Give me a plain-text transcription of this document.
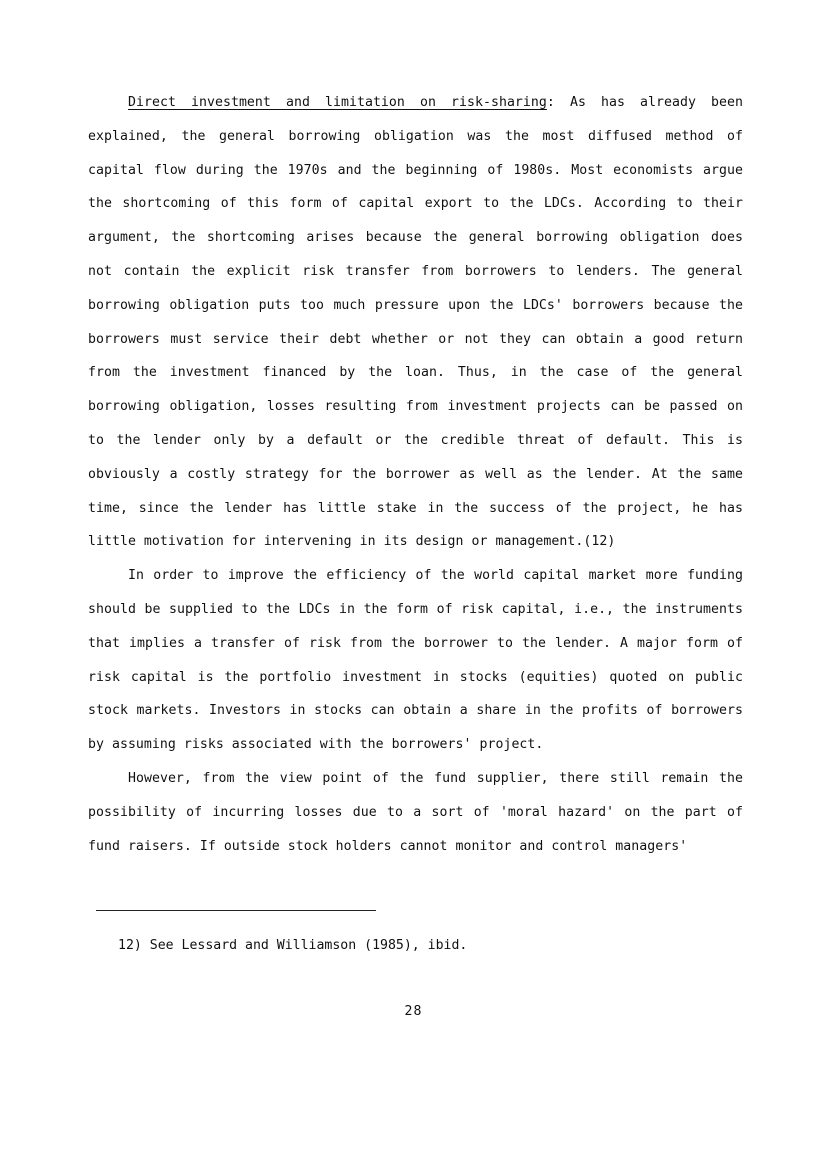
Direct investment and limitation on risk-sharing: As has already been explained, the general borrowing obligation was the most diffused method of capital flow during the 1970s and the beginning of 1980s. Most economists argue the shortcoming of this form of capital export to the LDCs. According to their argument, the shortcoming arises because the general borrowing obligation does not contain the explicit risk transfer from borrowers to lenders. The general borrowing obligation puts too much pressure upon the LDCs' borrowers because the borrowers must service their debt whether or not they can obtain a good return from the investment financed by the loan. Thus, in the case of the general borrowing obligation, losses resulting from investment projects can be passed on to the lender only by a default or the credible threat of default. This is obviously a costly strategy for the borrower as well as the lender. At the same time, since the lender has little stake in the success of the project, he has little motivation for intervening in its design or management.(12)

In order to improve the efficiency of the world capital market more funding should be supplied to the LDCs in the form of risk capital, i.e., the instruments that implies a transfer of risk from the borrower to the lender. A major form of risk capital is the portfolio investment in stocks (equities) quoted on public stock markets. Investors in stocks can obtain a share in the profits of borrowers by assuming risks associated with the borrowers' project.

However, from the view point of the fund supplier, there still remain the possibility of incurring losses due to a sort of 'moral hazard' on the part of fund raisers. If outside stock holders cannot monitor and control managers'

12) See Lessard and Williamson (1985), ibid.
28
